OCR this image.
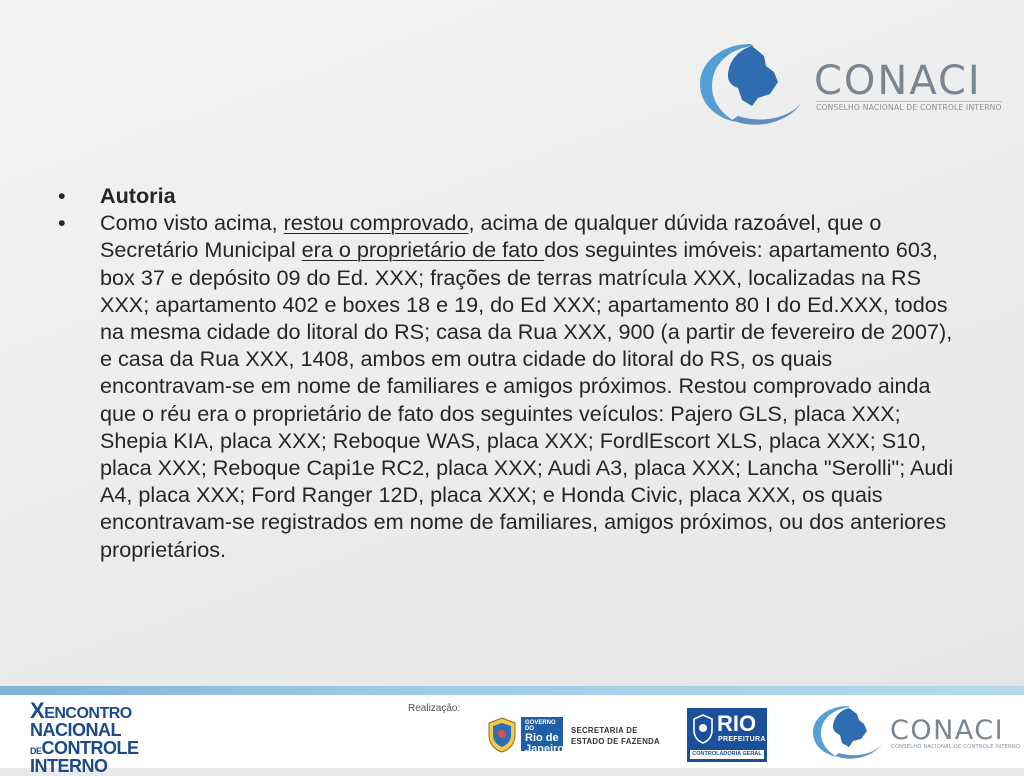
CONACI
CONSELHO NACIONAL DE CONTROLE INTERNO
• Autoria
• Como visto acima, restou comprovado, acima de qualquer dúvida razoável, que o Secretário Municipal era o proprietário de fato dos seguintes imóveis: apartamento 603, box 37 e depósito 09 do Ed. XXX; frações de terras matrícula XXX, localizadas na RS XXX; apartamento 402 e boxes 18 e 19, do Ed XXX; apartamento 80 I do Ed.XXX, todos na mesma cidade do litoral do RS; casa da Rua XXX, 900 (a partir de fevereiro de 2007), e casa da Rua XXX, 1408, ambos em outra cidade do litoral do RS, os quais encontravam-se em nome de familiares e amigos próximos. Restou comprovado ainda que o réu era o proprietário de fato dos seguintes veículos: Pajero GLS, placa XXX; Shepia KIA, placa XXX; Reboque WAS, placa XXX; FordlEscort XLS, placa XXX; S10, placa XXX; Reboque Capi1e RC2, placa XXX; Audi A3, placa XXX; Lancha "Serolli"; Audi A4, placa XXX; Ford Ranger 12D, placa XXX; e Honda Civic, placa XXX, os quais encontravam-se registrados em nome de familiares, amigos próximos, ou dos anteriores proprietários.
XENCONTRO
NACIONAL
DECONTROLE
INTERNO
Realização:
GOVERNO DO
Rio de
Janeiro
SECRETARIA DE
ESTADO DE FAZENDA
RIO
PREFEITURA
CONTROLADORIA GERAL
CONACI
CONSELHO NACIONAL DE CONTROLE INTERNO
